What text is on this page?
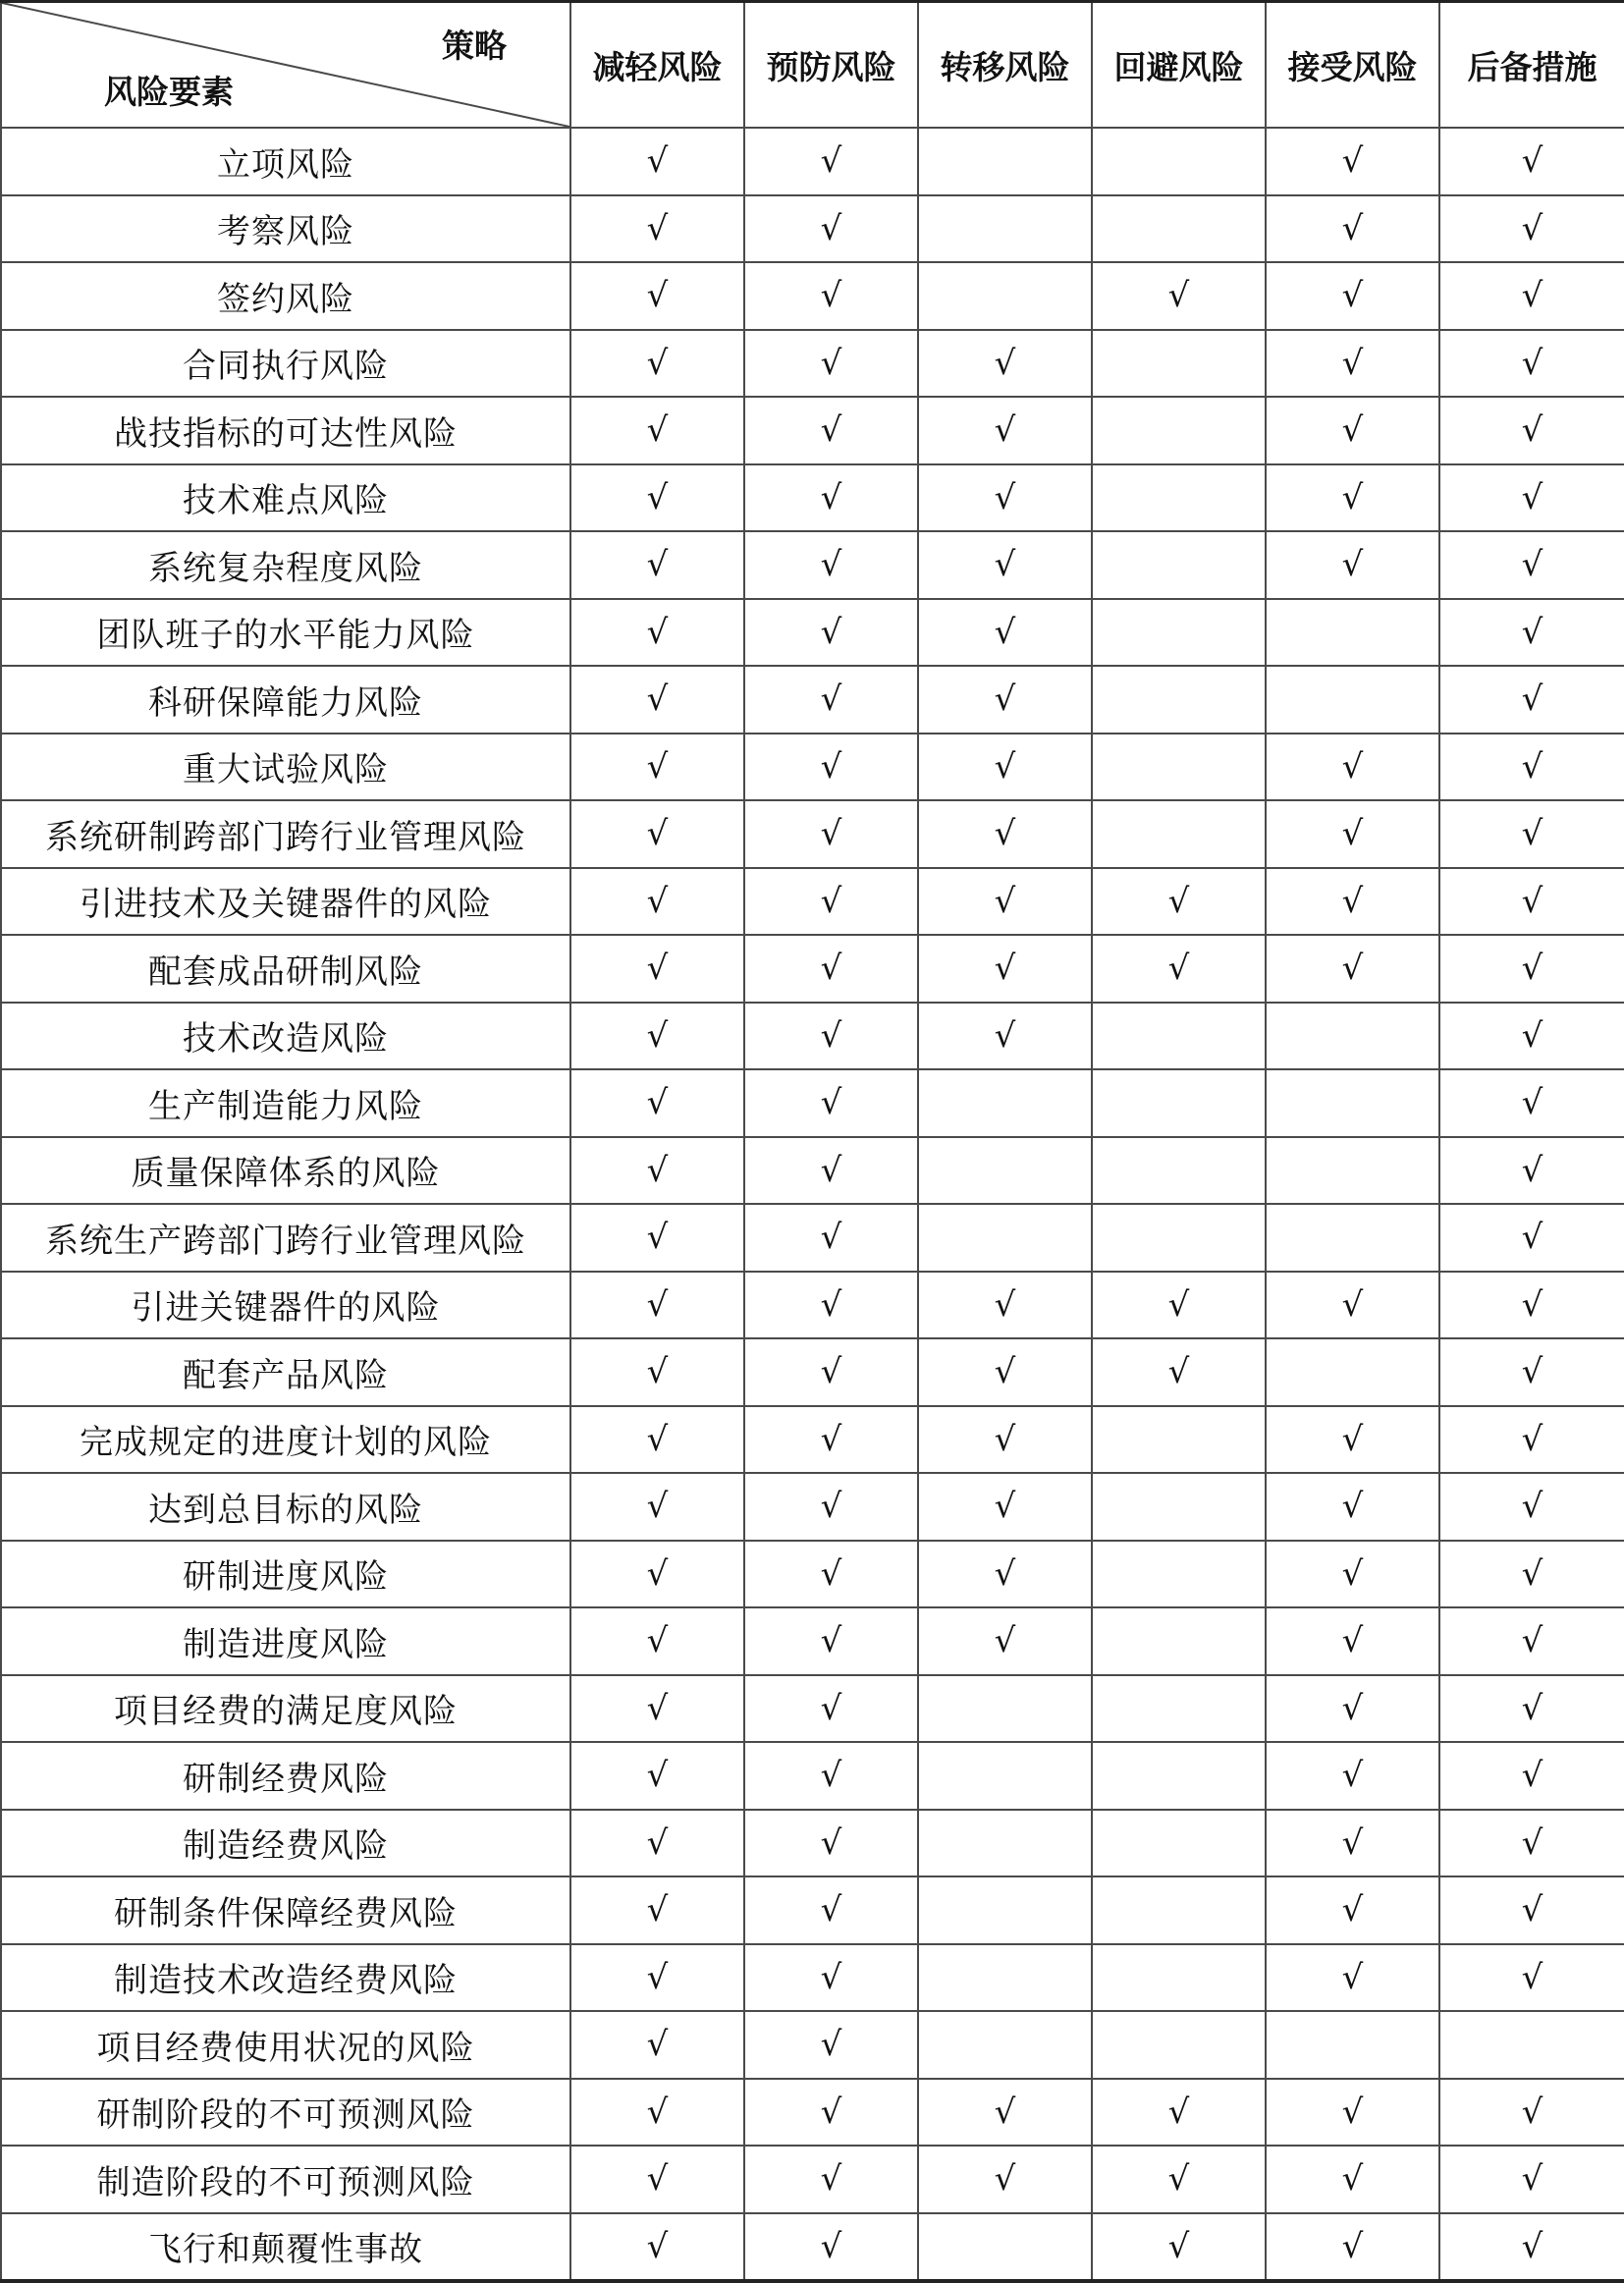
策略
风险要素	减轻风险	预防风险	转移风险	回避风险	接受风险	后备措施
立项风险	√	√			√	√
考察风险	√	√			√	√
签约风险	√	√		√	√	√
合同执行风险	√	√	√		√	√
战技指标的可达性风险	√	√	√		√	√
技术难点风险	√	√	√		√	√
系统复杂程度风险	√	√	√		√	√
团队班子的水平能力风险	√	√	√			√
科研保障能力风险	√	√	√			√
重大试验风险	√	√	√		√	√
系统研制跨部门跨行业管理风险	√	√	√		√	√
引进技术及关键器件的风险	√	√	√	√	√	√
配套成品研制风险	√	√	√	√	√	√
技术改造风险	√	√	√			√
生产制造能力风险	√	√				√
质量保障体系的风险	√	√				√
系统生产跨部门跨行业管理风险	√	√				√
引进关键器件的风险	√	√	√	√	√	√
配套产品风险	√	√	√	√		√
完成规定的进度计划的风险	√	√	√		√	√
达到总目标的风险	√	√	√		√	√
研制进度风险	√	√	√		√	√
制造进度风险	√	√	√		√	√
项目经费的满足度风险	√	√			√	√
研制经费风险	√	√			√	√
制造经费风险	√	√			√	√
研制条件保障经费风险	√	√			√	√
制造技术改造经费风险	√	√			√	√
项目经费使用状况的风险	√	√				
研制阶段的不可预测风险	√	√	√	√	√	√
制造阶段的不可预测风险	√	√	√	√	√	√
飞行和颠覆性事故	√	√		√	√	√
